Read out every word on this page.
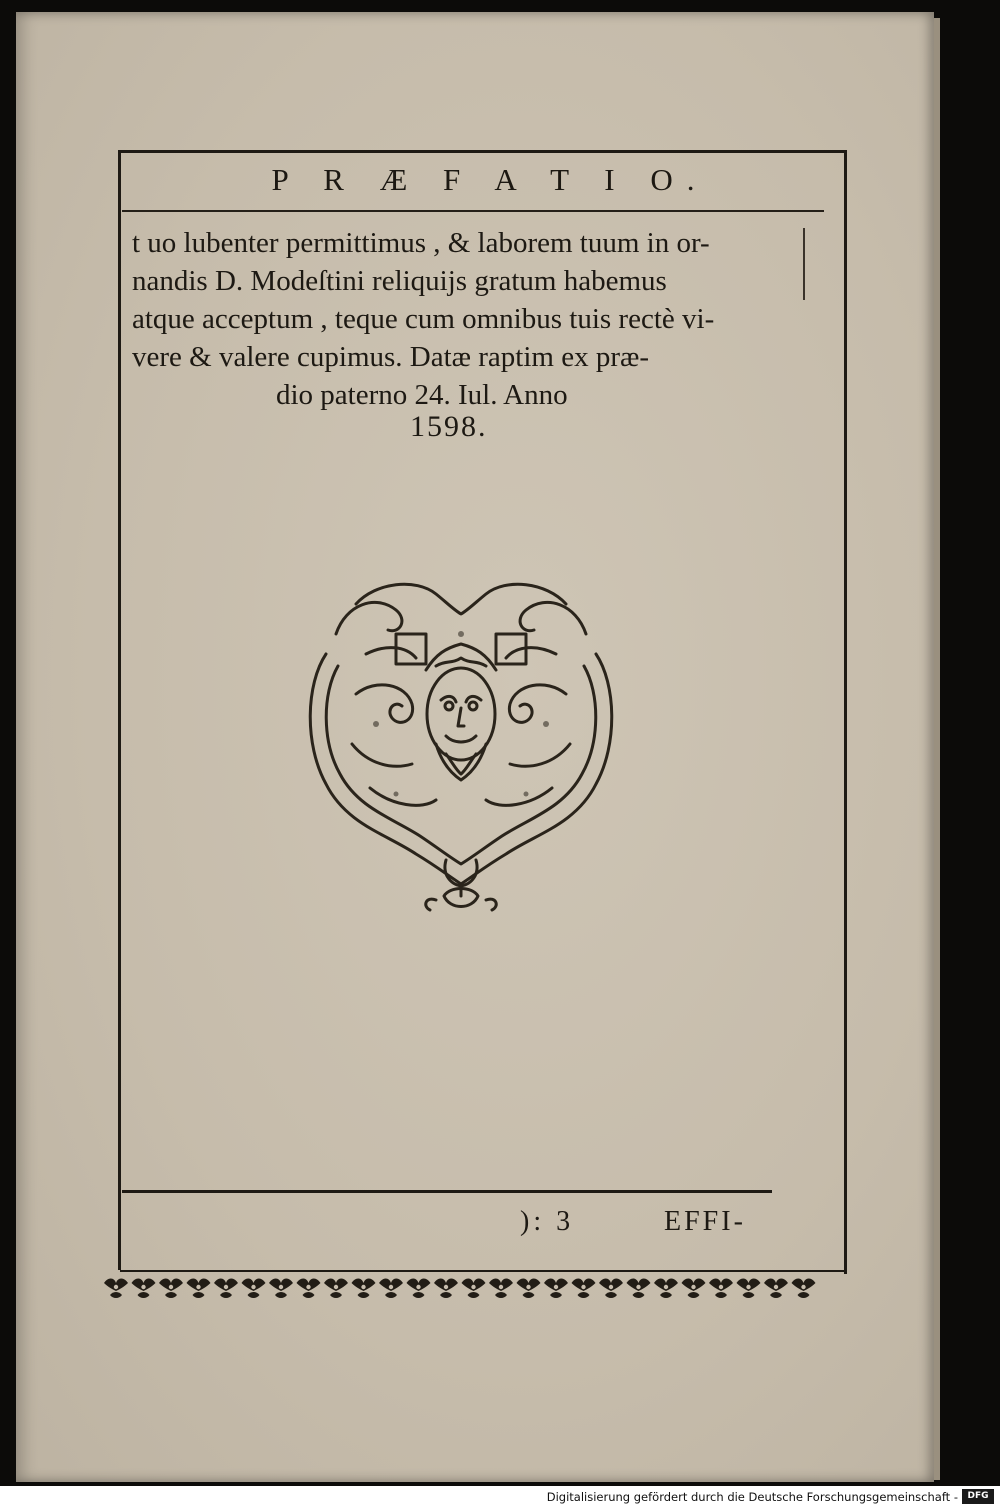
P R Æ F A T I O.
t uo lubenter permittimus , & laborem tuum in or-
nandis D. Modeſtini reliquijs gratum habemus
atque acceptum , teque cum omnibus tuis rectè vi-
vere & valere cupimus. Datæ raptim ex præ-
dio paterno 24. Iul. Anno
1598.
): 3	EFFI-
Digitalisierung gefördert durch die Deutsche Forschungsgemeinschaft -	DFG
